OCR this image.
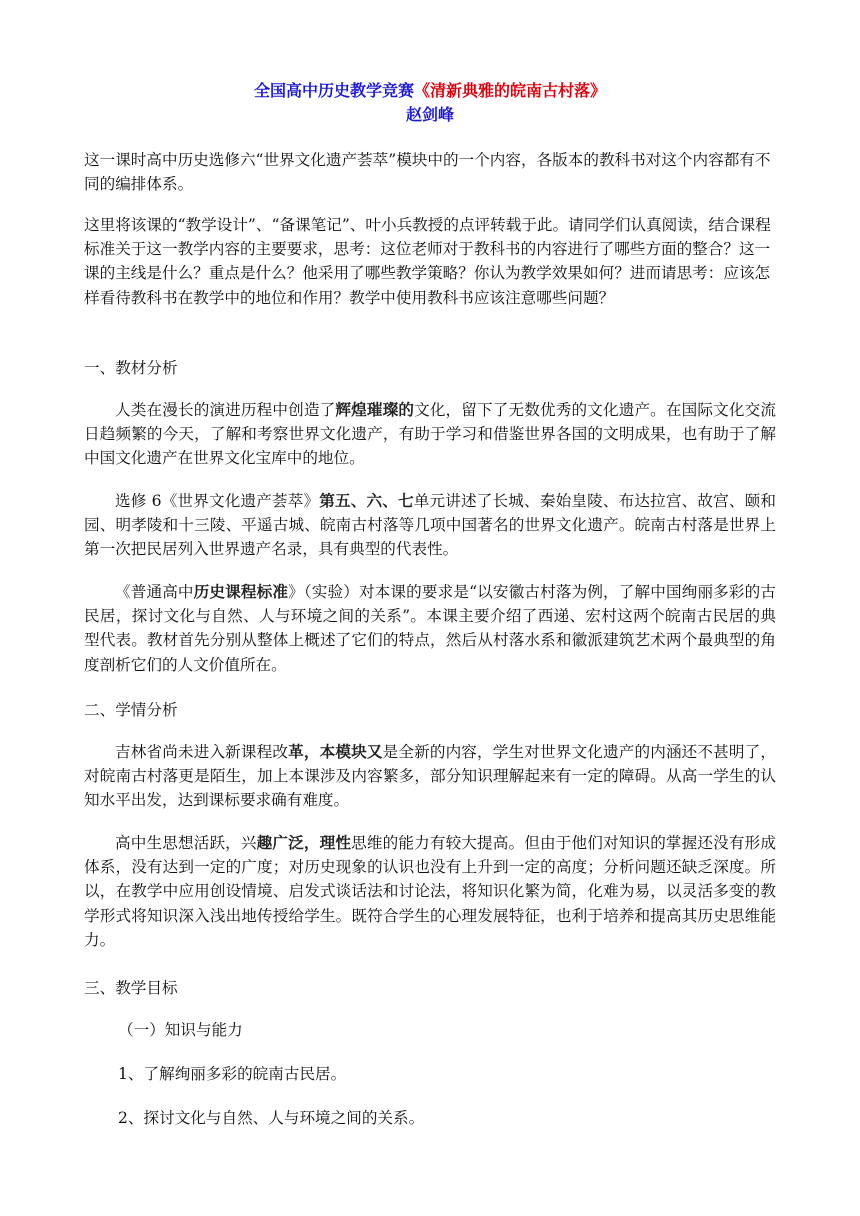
全国高中历史教学竞赛《清新典雅的皖南古村落》
赵剑峰

这一课时高中历史选修六“世界文化遗产荟萃”模块中的一个内容，各版本的教科书对这个内容都有不同的编排体系。

这里将该课的“教学设计”、“备课笔记”、叶小兵教授的点评转载于此。请同学们认真阅读，结合课程标准关于这一教学内容的主要要求，思考：这位老师对于教科书的内容进行了哪些方面的整合？这一课的主线是什么？重点是什么？他采用了哪些教学策略？你认为教学效果如何？进而请思考：应该怎样看待教科书在教学中的地位和作用？教学中使用教科书应该注意哪些问题？

一、教材分析

人类在漫长的演进历程中创造了辉煌璀璨的文化，留下了无数优秀的文化遗产。在国际文化交流日趋频繁的今天，了解和考察世界文化遗产，有助于学习和借鉴世界各国的文明成果，也有助于了解中国文化遗产在世界文化宝库中的地位。

选修 6《世界文化遗产荟萃》第五、六、七单元讲述了长城、秦始皇陵、布达拉宫、故宫、颐和园、明孝陵和十三陵、平遥古城、皖南古村落等几项中国著名的世界文化遗产。皖南古村落是世界上第一次把民居列入世界遗产名录，具有典型的代表性。

《普通高中历史课程标准》（实验）对本课的要求是“以安徽古村落为例，了解中国绚丽多彩的古民居，探讨文化与自然、人与环境之间的关系”。本课主要介绍了西递、宏村这两个皖南古民居的典型代表。教材首先分别从整体上概述了它们的特点，然后从村落水系和徽派建筑艺术两个最典型的角度剖析它们的人文价值所在。

二、学情分析

吉林省尚未进入新课程改革，本模块又是全新的内容，学生对世界文化遗产的内涵还不甚明了，对皖南古村落更是陌生，加上本课涉及内容繁多，部分知识理解起来有一定的障碍。从高一学生的认知水平出发，达到课标要求确有难度。

高中生思想活跃，兴趣广泛，理性思维的能力有较大提高。但由于他们对知识的掌握还没有形成体系，没有达到一定的广度；对历史现象的认识也没有上升到一定的高度；分析问题还缺乏深度。所以，在教学中应用创设情境、启发式谈话法和讨论法，将知识化繁为简，化难为易，以灵活多变的教学形式将知识深入浅出地传授给学生。既符合学生的心理发展特征，也利于培养和提高其历史思维能力。

三、教学目标

（一）知识与能力

1、了解绚丽多彩的皖南古民居。

2、探讨文化与自然、人与环境之间的关系。
